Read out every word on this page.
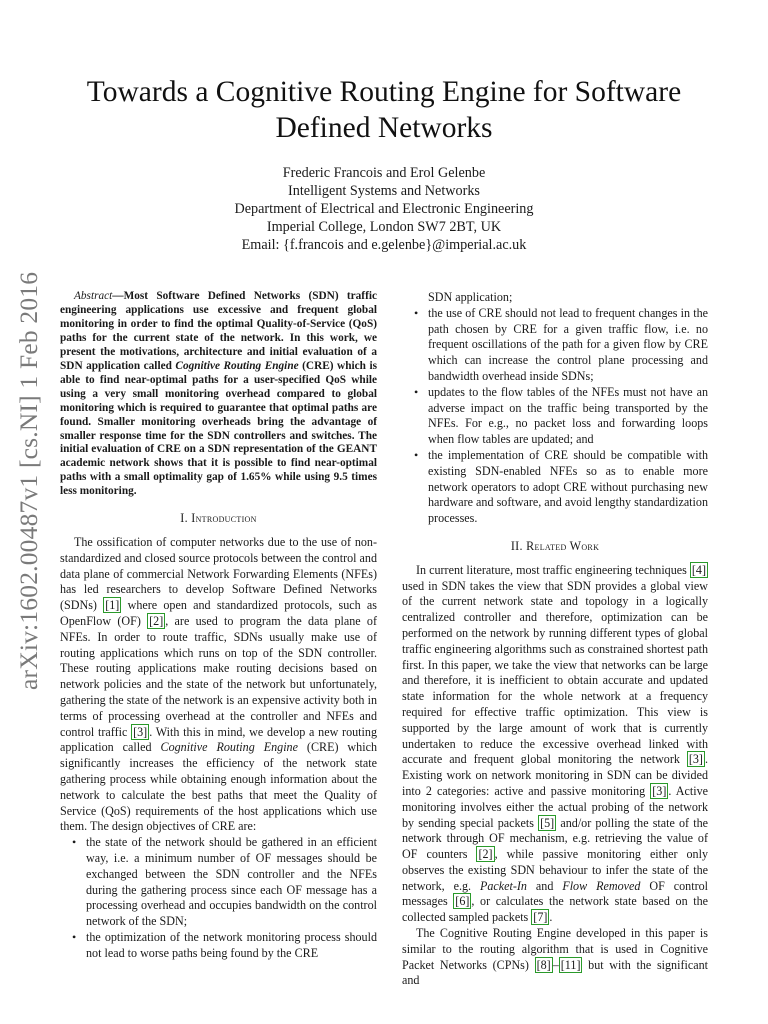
arXiv:1602.00487v1 [cs.NI] 1 Feb 2016
Towards a Cognitive Routing Engine for Software
Defined Networks
Frederic Francois and Erol Gelenbe
Intelligent Systems and Networks
Department of Electrical and Electronic Engineering
Imperial College, London SW7 2BT, UK
Email: {f.francois and e.gelenbe}@imperial.ac.uk

Abstract—Most Software Defined Networks (SDN) traffic engineering applications use excessive and frequent global monitoring in order to find the optimal Quality-of-Service (QoS) paths for the current state of the network. In this work, we present the motivations, architecture and initial evaluation of a SDN application called Cognitive Routing Engine (CRE) which is able to find near-optimal paths for a user-specified QoS while using a very small monitoring overhead compared to global monitoring which is required to guarantee that optimal paths are found. Smaller monitoring overheads bring the advantage of smaller response time for the SDN controllers and switches. The initial evaluation of CRE on a SDN representation of the GEANT academic network shows that it is possible to find near-optimal paths with a small optimality gap of 1.65% while using 9.5 times less monitoring.

I. Introduction

The ossification of computer networks due to the use of non-standardized and closed source protocols between the control and data plane of commercial Network Forwarding Elements (NFEs) has led researchers to develop Software Defined Networks (SDNs) [1] where open and standardized protocols, such as OpenFlow (OF) [2] , are used to program the data plane of NFEs. In order to route traffic, SDNs usually make use of routing applications which runs on top of the SDN controller. These routing applications make routing decisions based on network policies and the state of the network but unfortunately, gathering the state of the network is an expensive activity both in terms of processing overhead at the controller and NFEs and control traffic [3] . With this in mind, we develop a new routing application called Cognitive Routing Engine (CRE) which significantly increases the efficiency of the network state gathering process while obtaining enough information about the network to calculate the best paths that meet the Quality of Service (QoS) requirements of the host applications which use them. The design objectives of CRE are:

• the state of the network should be gathered in an efficient way, i.e. a minimum number of OF messages should be exchanged between the SDN controller and the NFEs during the gathering process since each OF message has a processing overhead and occupies bandwidth on the control network of the SDN;
• the optimization of the network monitoring process should not lead to worse paths being found by the CRE

SDN application;

• the use of CRE should not lead to frequent changes in the path chosen by CRE for a given traffic flow, i.e. no frequent oscillations of the path for a given flow by CRE which can increase the control plane processing and bandwidth overhead inside SDNs;
• updates to the flow tables of the NFEs must not have an adverse impact on the traffic being transported by the NFEs. For e.g., no packet loss and forwarding loops when flow tables are updated; and
• the implementation of CRE should be compatible with existing SDN-enabled NFEs so as to enable more network operators to adopt CRE without purchasing new hardware and software, and avoid lengthy standardization processes.
II. Related Work

In current literature, most traffic engineering techniques [4] used in SDN takes the view that SDN provides a global view of the current network state and topology in a logically centralized controller and therefore, optimization can be performed on the network by running different types of global traffic engineering algorithms such as constrained shortest path first. In this paper, we take the view that networks can be large and therefore, it is inefficient to obtain accurate and updated state information for the whole network at a frequency required for effective traffic optimization. This view is supported by the large amount of work that is currently undertaken to reduce the excessive overhead linked with accurate and frequent global monitoring the network [3] . Existing work on network monitoring in SDN can be divided into 2 categories: active and passive monitoring [3] . Active monitoring involves either the actual probing of the network by sending special packets [5] and/or polling the state of the network through OF mechanism, e.g. retrieving the value of OF counters [2] , while passive monitoring either only observes the existing SDN behaviour to infer the state of the network, e.g. Packet-In and Flow Removed OF control messages [6] , or calculates the network state based on the collected sampled packets [7] .

The Cognitive Routing Engine developed in this paper is similar to the routing algorithm that is used in Cognitive Packet Networks (CPNs) [8] – [11] but with the significant and
